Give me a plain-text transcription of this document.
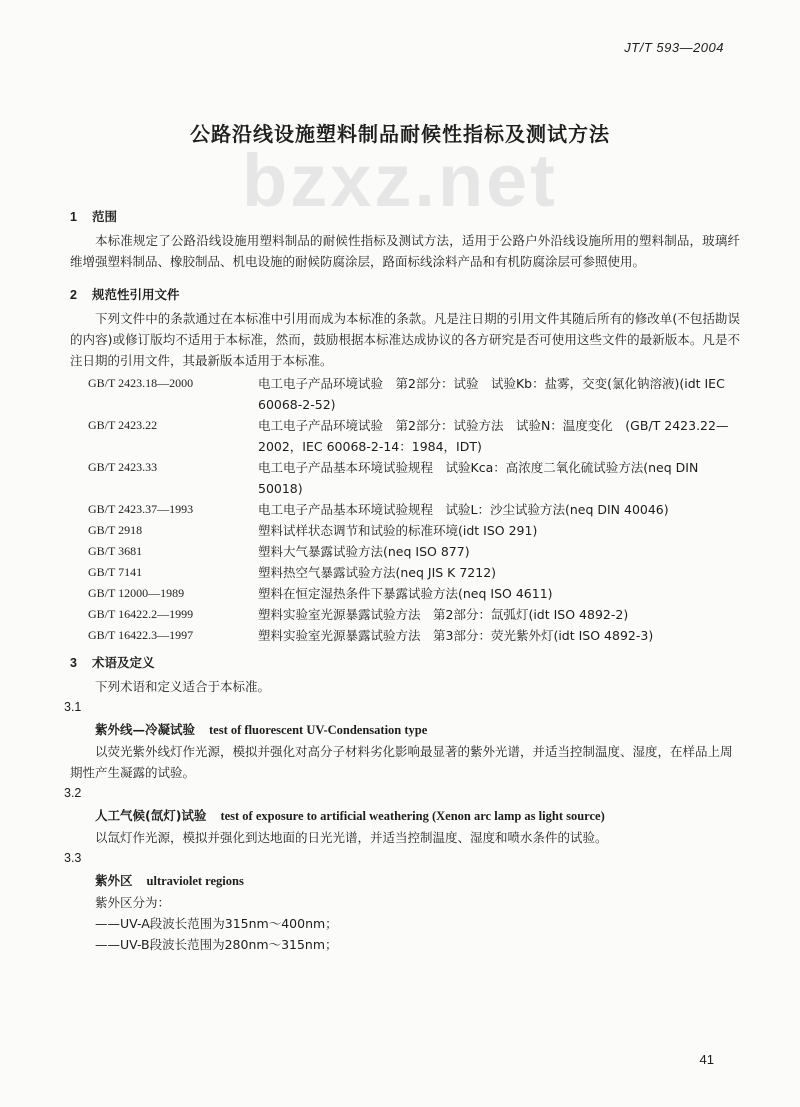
bzxz.net
JT/T 593—2004
公路沿线设施塑料制品耐候性指标及测试方法
1 范围

本标准规定了公路沿线设施用塑料制品的耐候性指标及测试方法，适用于公路户外沿线设施所用的塑料制品，玻璃纤维增强塑料制品、橡胶制品、机电设施的耐候防腐涂层，路面标线涂料产品和有机防腐涂层可参照使用。

2 规范性引用文件

下列文件中的条款通过在本标准中引用而成为本标准的条款。凡是注日期的引用文件其随后所有的修改单(不包括勘误的内容)或修订版均不适用于本标准，然而，鼓励根据本标准达成协议的各方研究是否可使用这些文件的最新版本。凡是不注日期的引用文件，其最新版本适用于本标准。

GB/T 2423.18—2000	电工电子产品环境试验　第2部分：试验　试验Kb：盐雾，交变(氯化钠溶液)(idt IEC 60068-2-52)
GB/T 2423.22	电工电子产品环境试验　第2部分：试验方法　试验N：温度变化　(GB/T 2423.22—2002，IEC 60068-2-14：1984，IDT)
GB/T 2423.33	电工电子产品基本环境试验规程　试验Kca：高浓度二氧化硫试验方法(neq DIN 50018)
GB/T 2423.37—1993	电工电子产品基本环境试验规程　试验L：沙尘试验方法(neq DIN 40046)
GB/T 2918	塑料试样状态调节和试验的标准环境(idt ISO 291)
GB/T 3681	塑料大气暴露试验方法(neq ISO 877)
GB/T 7141	塑料热空气暴露试验方法(neq JIS K 7212)
GB/T 12000—1989	塑料在恒定湿热条件下暴露试验方法(neq ISO 4611)
GB/T 16422.2—1999	塑料实验室光源暴露试验方法　第2部分：氙弧灯(idt ISO 4892-2)
GB/T 16422.3—1997	塑料实验室光源暴露试验方法　第3部分：荧光紫外灯(idt ISO 4892-3)
3 术语及定义

下列术语和定义适合于本标准。

3.1

紫外线—冷凝试验 test of fluorescent UV-Condensation type

以荧光紫外线灯作光源，模拟并强化对高分子材料劣化影响最显著的紫外光谱，并适当控制温度、湿度，在样品上周期性产生凝露的试验。

3.2

人工气候(氙灯)试验 test of exposure to artificial weathering (Xenon arc lamp as light source)

以氙灯作光源，模拟并强化到达地面的日光光谱，并适当控制温度、湿度和喷水条件的试验。

3.3

紫外区 ultraviolet regions

紫外区分为：

——UV-A段波长范围为315nm～400nm；

——UV-B段波长范围为280nm～315nm；

41
